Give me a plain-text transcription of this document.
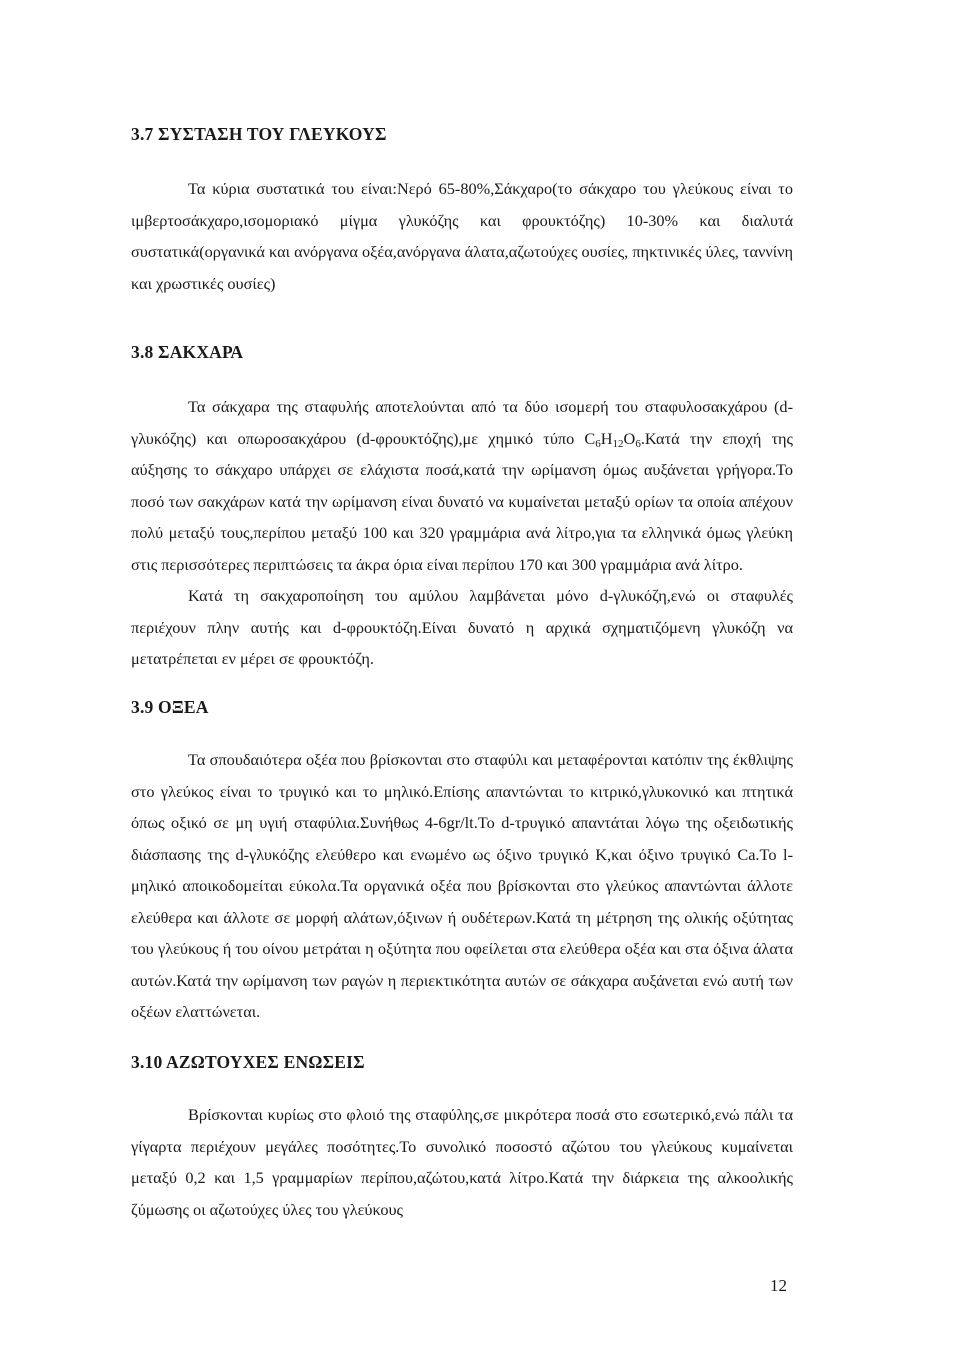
3.7 ΣΥΣΤΑΣΗ ΤΟΥ ΓΛΕΥΚΟΥΣ

Τα κύρια συστατικά του είναι:Νερό 65-80%,Σάκχαρο(το σάκχαρο του γλεύκους είναι το ιμβερτοσάκχαρο,ισομοριακό μίγμα γλυκόζης και φρουκτόζης) 10-30% και διαλυτά συστατικά(οργανικά και ανόργανα οξέα,ανόργανα άλατα,αζωτούχες ουσίες, πηκτινικές ύλες, ταννίνη και χρωστικές ουσίες)

3.8 ΣΑΚΧΑΡΑ

Τα σάκχαρα της σταφυλής αποτελούνται από τα δύο ισομερή του σταφυλοσακχάρου (d-γλυκόζης) και οπωροσακχάρου (d-φρουκτόζης),με χημικό τύπο $C_6H_{12}O_6.K\alpha\tau ά$ την εποχή της αύξησης το σάκχαρο υπάρχει σε ελάχιστα ποσά,κατά την ωρίμανση όμως αυξάνεται γρήγορα.Το ποσό των σακχάρων κατά την ωρίμανση είναι δυνατό να κυμαίνεται μεταξύ ορίων τα οποία απέχουν πολύ μεταξύ τους,περίπου μεταξύ 100 και 320 γραμμάρια ανά λίτρο,για τα ελληνικά όμως γλεύκη στις περισσότερες περιπτώσεις τα άκρα όρια είναι περίπου 170 και 300 γραμμάρια ανά λίτρο.

Κατά τη σακχαροποίηση του αμύλου λαμβάνεται μόνο d-γλυκόζη,ενώ οι σταφυλές περιέχουν πλην αυτής και d-φρουκτόζη.Είναι δυνατό η αρχικά σχηματιζόμενη γλυκόζη να μετατρέπεται εν μέρει σε φρουκτόζη.

3.9 ΟΞΕΑ

Τα σπουδαιότερα οξέα που βρίσκονται στο σταφύλι και μεταφέρονται κατόπιν της έκθλιψης στο γλεύκος είναι το τρυγικό και το μηλικό.Επίσης απαντώνται το κιτρικό,γλυκονικό και πτητικά όπως οξικό σε μη υγιή σταφύλια.Συνήθως 4-6gr/lt.Το d-τρυγικό απαντάται λόγω της οξειδωτικής διάσπασης της d-γλυκόζης ελεύθερο και ενωμένο ως όξινο τρυγικό Κ,και όξινο τρυγικό Ca.Το l-μηλικό αποικοδομείται εύκολα.Τα οργανικά οξέα που βρίσκονται στο γλεύκος απαντώνται άλλοτε ελεύθερα και άλλοτε σε μορφή αλάτων,όξινων ή ουδέτερων.Κατά τη μέτρηση της ολικής οξύτητας του γλεύκους ή του οίνου μετράται η οξύτητα που οφείλεται στα ελεύθερα οξέα και στα όξινα άλατα αυτών.Κατά την ωρίμανση των ραγών η περιεκτικότητα αυτών σε σάκχαρα αυξάνεται ενώ αυτή των οξέων ελαττώνεται.

3.10 ΑΖΩΤΟΥΧΕΣ ΕΝΩΣΕΙΣ

Βρίσκονται κυρίως στο φλοιό της σταφύλης,σε μικρότερα ποσά στο εσωτερικό,ενώ πάλι τα γίγαρτα περιέχουν μεγάλες ποσότητες.Το συνολικό ποσοστό αζώτου του γλεύκους κυμαίνεται μεταξύ 0,2 και 1,5 γραμμαρίων περίπου,αζώτου,κατά λίτρο.Κατά την διάρκεια της αλκοολικής ζύμωσης οι αζωτούχες ύλες του γλεύκους

12
